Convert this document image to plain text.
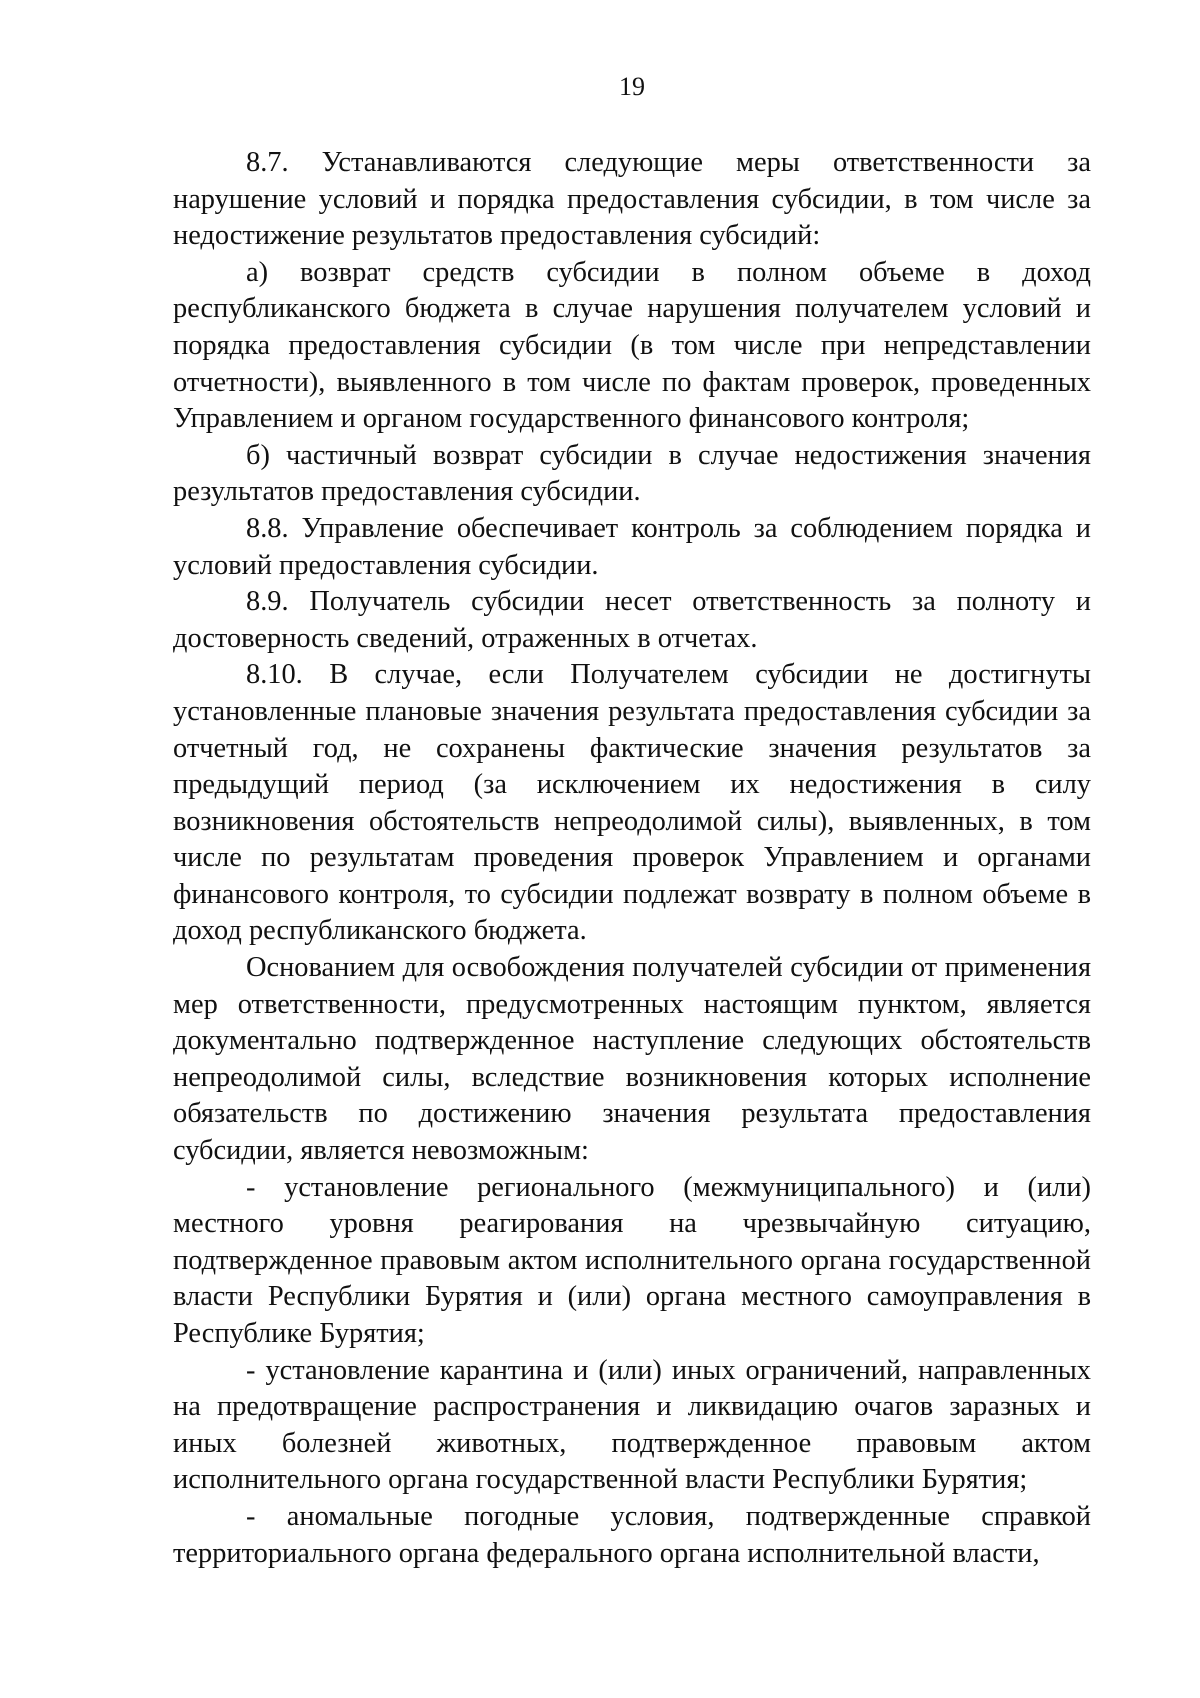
19

8.7. Устанавливаются следующие меры ответственности за нарушение условий и порядка предоставления субсидии, в том числе за недостижение результатов предоставления субсидий:

а) возврат средств субсидии в полном объеме в доход республиканского бюджета в случае нарушения получателем условий и порядка предоставления субсидии (в том числе при непредставлении отчетности), выявленного в том числе по фактам проверок, проведенных Управлением и органом государственного финансового контроля;

б) частичный возврат субсидии в случае недостижения значения результатов предоставления субсидии.

8.8. Управление обеспечивает контроль за соблюдением порядка и условий предоставления субсидии.

8.9. Получатель субсидии несет ответственность за полноту и достоверность сведений, отраженных в отчетах.

8.10. В случае, если Получателем субсидии не достигнуты установленные плановые значения результата предоставления субсидии за отчетный год, не сохранены фактические значения результатов за предыдущий период (за исключением их недостижения в силу возникновения обстоятельств непреодолимой силы), выявленных, в том числе по результатам проведения проверок Управлением и органами финансового контроля, то субсидии подлежат возврату в полном объеме в доход республиканского бюджета.

Основанием для освобождения получателей субсидии от применения мер ответственности, предусмотренных настоящим пунктом, является документально подтвержденное наступление следующих обстоятельств непреодолимой силы, вследствие возникновения которых исполнение обязательств по достижению значения результата предоставления субсидии, является невозможным:

- установление регионального (межмуниципального) и (или) местного уровня реагирования на чрезвычайную ситуацию, подтвержденное правовым актом исполнительного органа государственной власти Республики Бурятия и (или) органа местного самоуправления в Республике Бурятия;

- установление карантина и (или) иных ограничений, направленных на предотвращение распространения и ликвидацию очагов заразных и иных болезней животных, подтвержденное правовым актом исполнительного органа государственной власти Республики Бурятия;

- аномальные погодные условия, подтвержденные справкой территориального органа федерального органа исполнительной власти,
